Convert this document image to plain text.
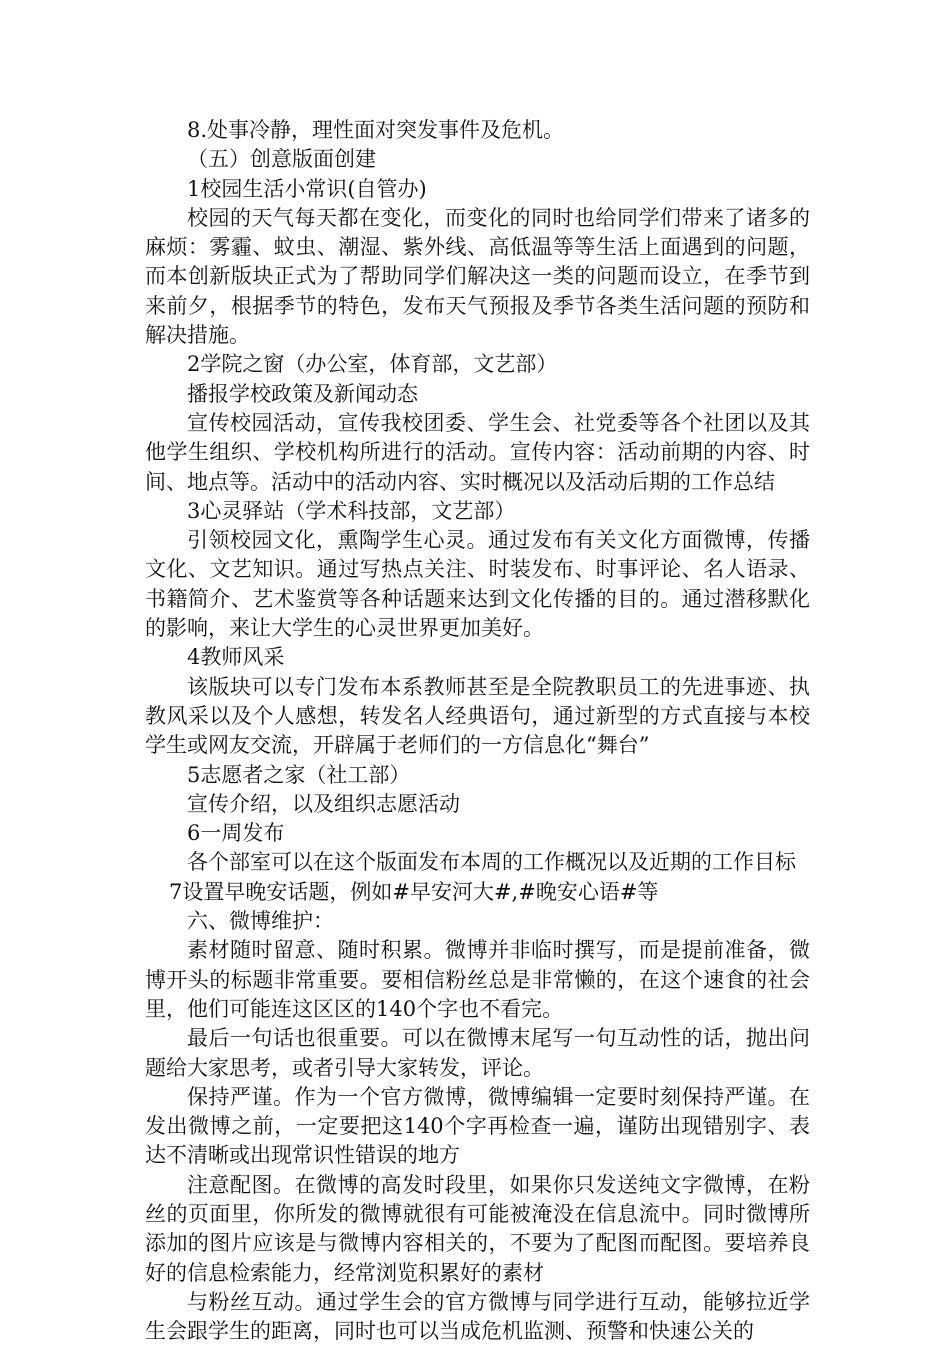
8.处事冷静，理性面对突发事件及危机。

（五）创意版面创建

1校园生活小常识(自管办)

校园的天气每天都在变化，而变化的同时也给同学们带来了诸多的麻烦：雾霾、蚊虫、潮湿、紫外线、高低温等等生活上面遇到的问题，而本创新版块正式为了帮助同学们解决这一类的问题而设立，在季节到来前夕，根据季节的特色，发布天气预报及季节各类生活问题的预防和解决措施。

2学院之窗（办公室，体育部，文艺部）

播报学校政策及新闻动态

宣传校园活动，宣传我校团委、学生会、社党委等各个社团以及其他学生组织、学校机构所进行的活动。宣传内容：活动前期的内容、时间、地点等。活动中的活动内容、实时概况以及活动后期的工作总结

3心灵驿站（学术科技部，文艺部）

引领校园文化，熏陶学生心灵。通过发布有关文化方面微博，传播文化、文艺知识。通过写热点关注、时装发布、时事评论、名人语录、书籍简介、艺术鉴赏等各种话题来达到文化传播的目的。通过潜移默化的影响，来让大学生的心灵世界更加美好。

4教师风采

该版块可以专门发布本系教师甚至是全院教职员工的先进事迹、执教风采以及个人感想，转发名人经典语句，通过新型的方式直接与本校学生或网友交流，开辟属于老师们的一方信息化“舞台”

5志愿者之家（社工部）

宣传介绍，以及组织志愿活动

6一周发布

各个部室可以在这个版面发布本周的工作概况以及近期的工作目标

7设置早晚安话题，例如#早安河大#,#晚安心语#等

六、微博维护：

素材随时留意、随时积累。微博并非临时撰写，而是提前准备，微博开头的标题非常重要。要相信粉丝总是非常懒的，在这个速食的社会里，他们可能连这区区的140个字也不看完。

最后一句话也很重要。可以在微博末尾写一句互动性的话，抛出问题给大家思考，或者引导大家转发，评论。

保持严谨。作为一个官方微博，微博编辑一定要时刻保持严谨。在发出微博之前，一定要把这140个字再检查一遍，谨防出现错别字、表达不清晰或出现常识性错误的地方

注意配图。在微博的高发时段里，如果你只发送纯文字微博，在粉丝的页面里，你所发的微博就很有可能被淹没在信息流中。同时微博所添加的图片应该是与微博内容相关的，不要为了配图而配图。要培养良好的信息检索能力，经常浏览积累好的素材

与粉丝互动。通过学生会的官方微博与同学进行互动，能够拉近学生会跟学生的距离，同时也可以当成危机监测、预警和快速公关的
